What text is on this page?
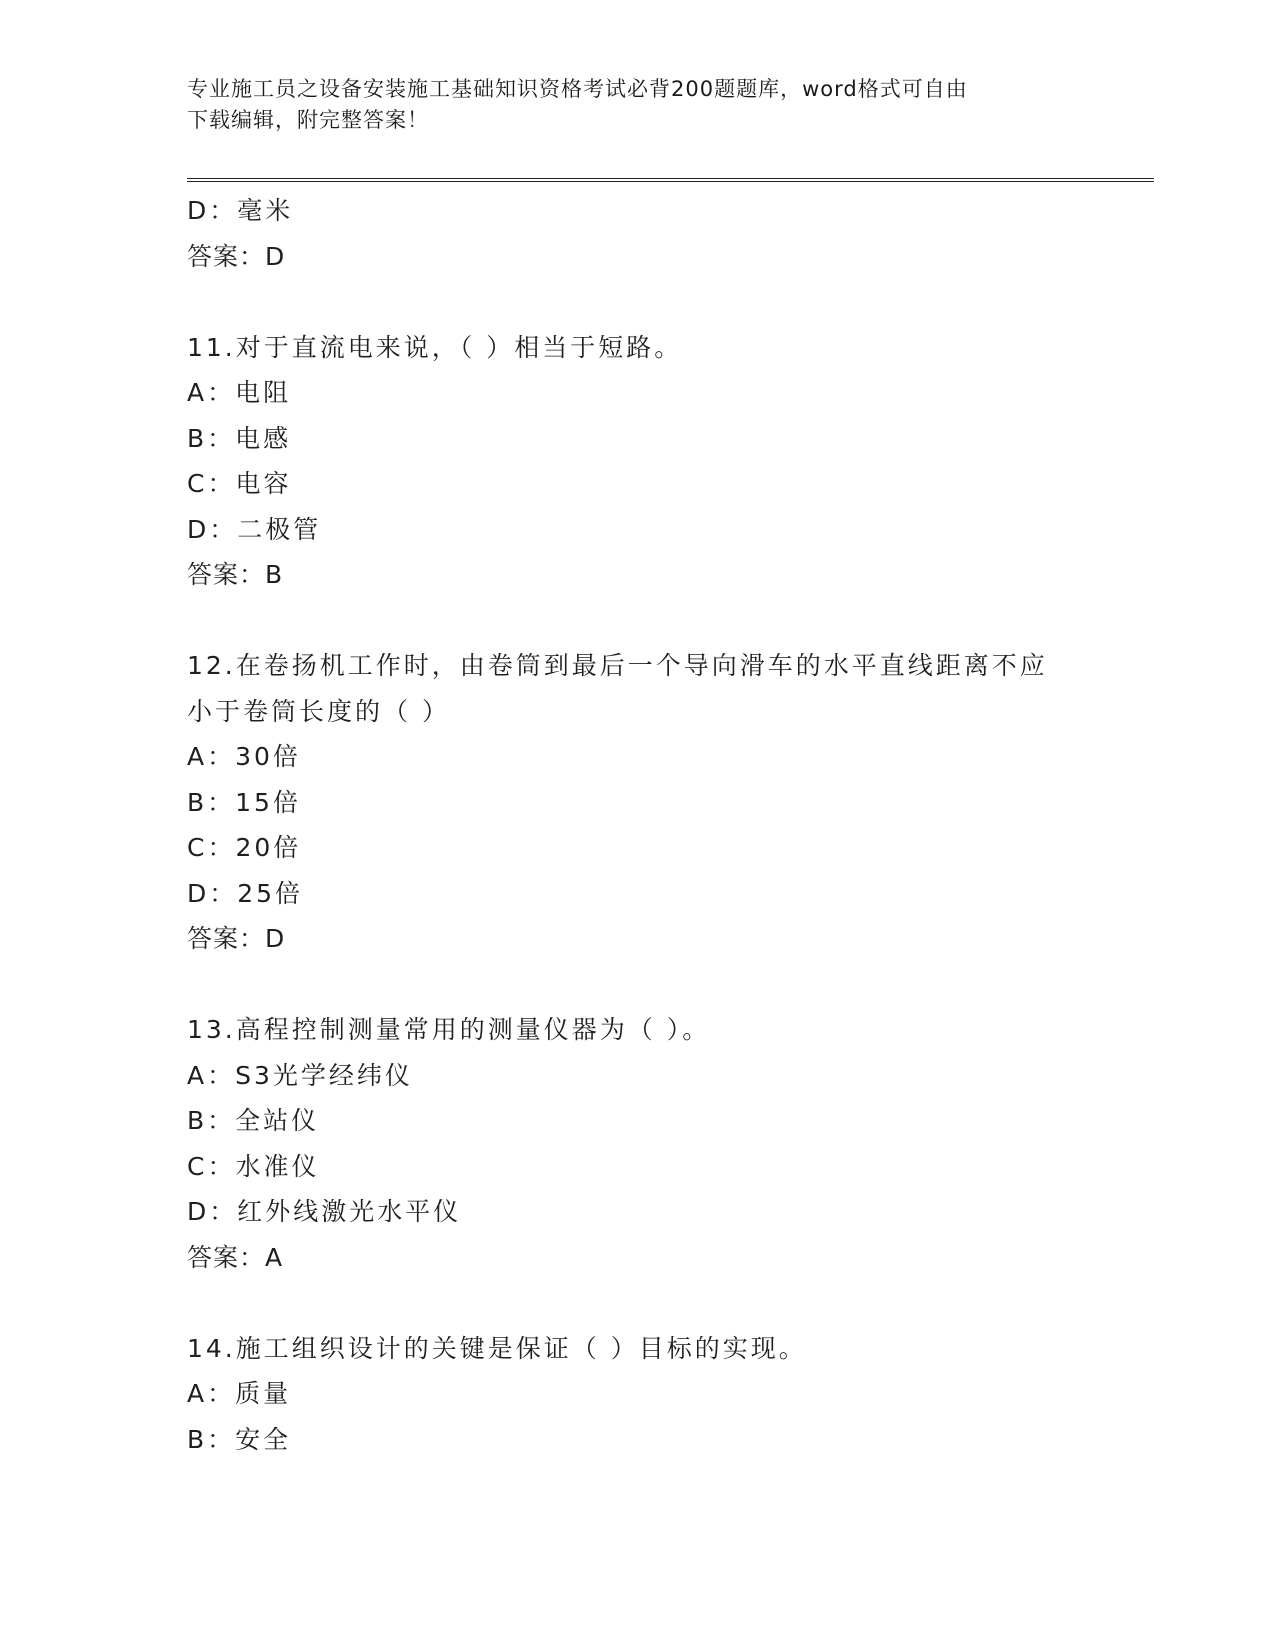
专业施工员之设备安装施工基础知识资格考试必背200题题库，word格式可自由
下载编辑，附完整答案！
D：毫米
答案：D
11.对于直流电来说，（ ）相当于短路。
A：电阻
B：电感
C：电容
D：二极管
答案：B
12.在卷扬机工作时，由卷筒到最后一个导向滑车的水平直线距离不应
小于卷筒长度的（ ）
A：30倍
B：15倍
C：20倍
D：25倍
答案：D
13.高程控制测量常用的测量仪器为（ ）。
A：S3光学经纬仪
B：全站仪
C：水准仪
D：红外线激光水平仪
答案：A
14.施工组织设计的关键是保证（ ）目标的实现。
A：质量
B：安全
